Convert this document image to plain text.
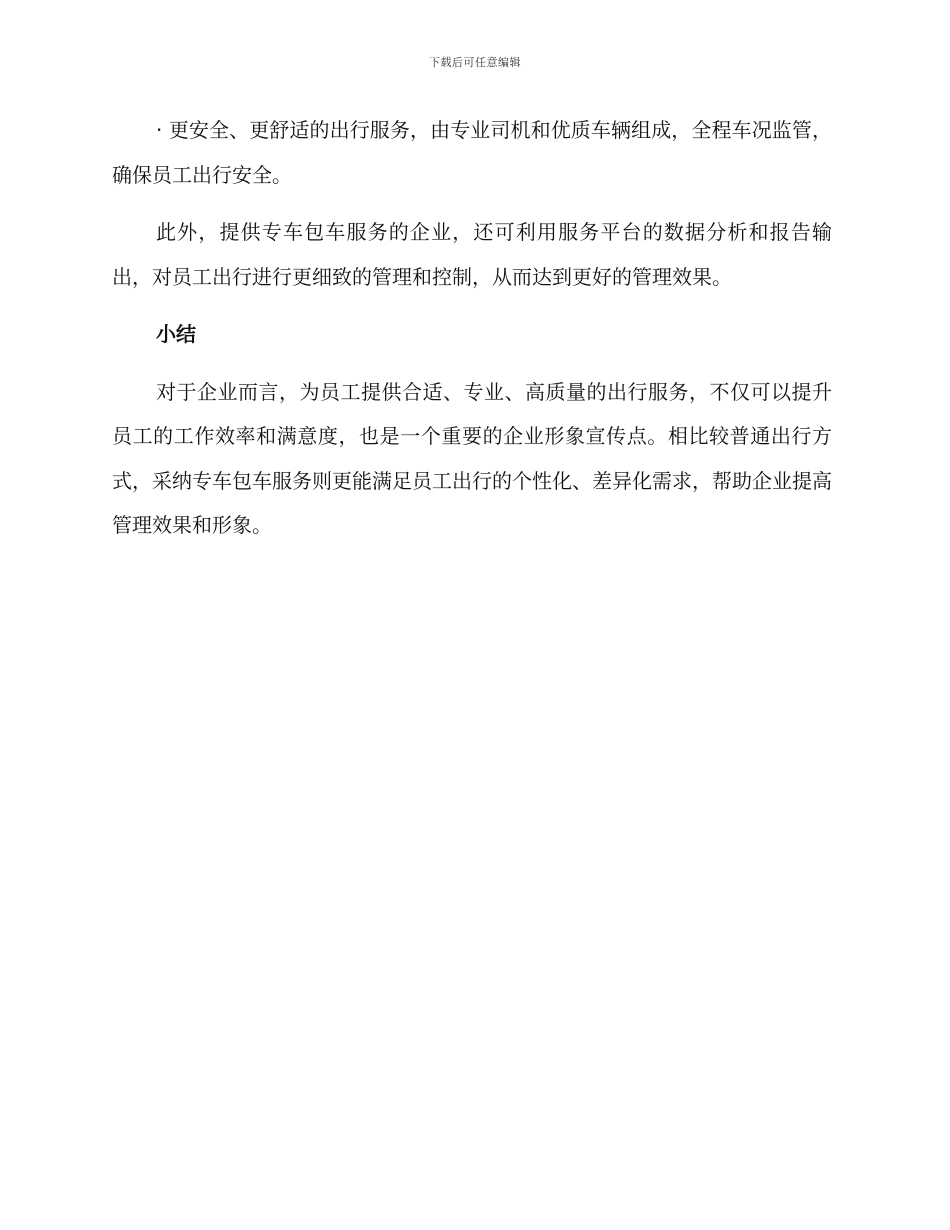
下载后可任意编辑

· 更安全、更舒适的出行服务，由专业司机和优质车辆组成，全程车况监管，确保员工出行安全。

此外，提供专车包车服务的企业，还可利用服务平台的数据分析和报告输出，对员工出行进行更细致的管理和控制，从而达到更好的管理效果。

小结

对于企业而言，为员工提供合适、专业、高质量的出行服务，不仅可以提升员工的工作效率和满意度，也是一个重要的企业形象宣传点。相比较普通出行方式，采纳专车包车服务则更能满足员工出行的个性化、差异化需求，帮助企业提高管理效果和形象。
